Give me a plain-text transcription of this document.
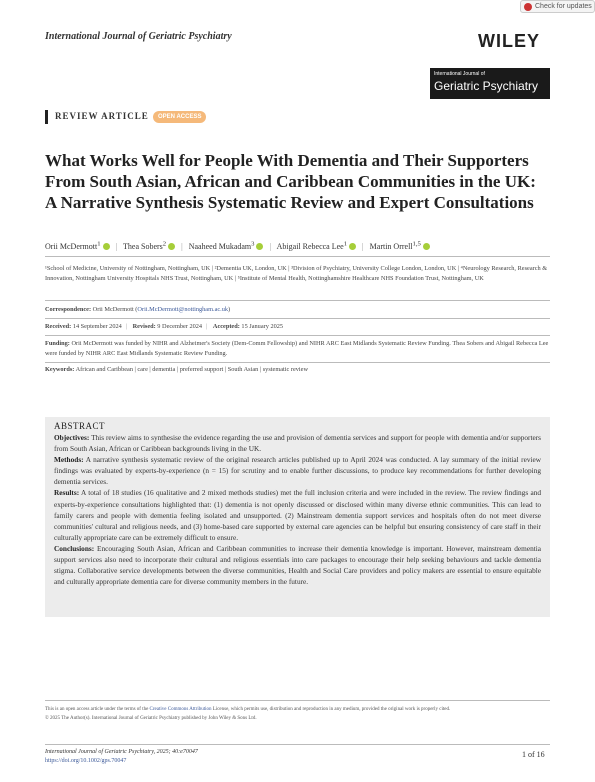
Check for updates
International Journal of Geriatric Psychiatry	WILEY
International Journal of
Geriatric Psychiatry
REVIEW ARTICLE	OPEN ACCESS
What Works Well for People With Dementia and Their Supporters From South Asian, African and Caribbean Communities in the UK: A Narrative Synthesis Systematic Review and Expert Consultations
Orii McDermott$^1$ | Thea Sobers$^2$ | Naaheed Mukadam$^3$ | Abigail Rebecca Lee$^1$ | Martin Orrell$^{1,5}$
¹School of Medicine, University of Nottingham, Nottingham, UK | ²Dementia UK, London, UK | ³Division of Psychiatry, University College London, London, UK | ⁴Neurology Research, Research & Innovation, Nottingham University Hospitals NHS Trust, Nottingham, UK | ⁵Institute of Mental Health, Nottinghamshire Healthcare NHS Foundation Trust, Nottingham, UK
Correspondence: Orii McDermott (Orii.McDermott@nottingham.ac.uk)
Received: 14 September 2024 | Revised: 9 December 2024 | Accepted: 15 January 2025
Funding: Orii McDermott was funded by NIHR and Alzheimer's Society (Dem-Comm Fellowship) and NIHR ARC East Midlands Systematic Review Funding. Thea Sobers and Abigail Rebecca Lee were funded by NIHR ARC East Midlands Systematic Review Funding.
Keywords: African and Caribbean | care | dementia | preferred support | South Asian | systematic review
ABSTRACT

Objectives: This review aims to synthesise the evidence regarding the use and provision of dementia services and support for people with dementia and/or supporters from South Asian, African or Caribbean backgrounds living in the UK.

Methods: A narrative synthesis systematic review of the original research articles published up to April 2024 was conducted. A lay summary of the initial review findings was evaluated by experts-by-experience (n = 15) for scrutiny and to enable further discussions, to produce key recommendations for further developing dementia services.

Results: A total of 18 studies (16 qualitative and 2 mixed methods studies) met the full inclusion criteria and were included in the review. The review findings and experts-by-experience consultations highlighted that: (1) dementia is not openly discussed or disclosed within many diverse ethnic communities. This can lead to family carers and people with dementia feeling isolated and unsupported. (2) Mainstream dementia support services and hospitals often do not meet diverse communities' cultural and religious needs, and (3) home-based care supported by external care agencies can be helpful but ensuring consistency of care staff in their culturally appropriate care can be extremely difficult to ensure.

Conclusions: Encouraging South Asian, African and Caribbean communities to increase their dementia knowledge is important. However, mainstream dementia support services also need to incorporate their cultural and religious essentials into care packages to encourage their help seeking behaviours and tackle dementia stigma. Collaborative service developments between the diverse communities, Health and Social Care providers and policy makers are essential to ensure equitable and culturally appropriate dementia care for diverse community members in the future.

This is an open access article under the terms of the Creative Commons Attribution License, which permits use, distribution and reproduction in any medium, provided the original work is properly cited.
© 2025 The Author(s). International Journal of Geriatric Psychiatry published by John Wiley & Sons Ltd.
International Journal of Geriatric Psychiatry, 2025; 40:e70047
https://doi.org/10.1002/gps.70047
1 of 16
